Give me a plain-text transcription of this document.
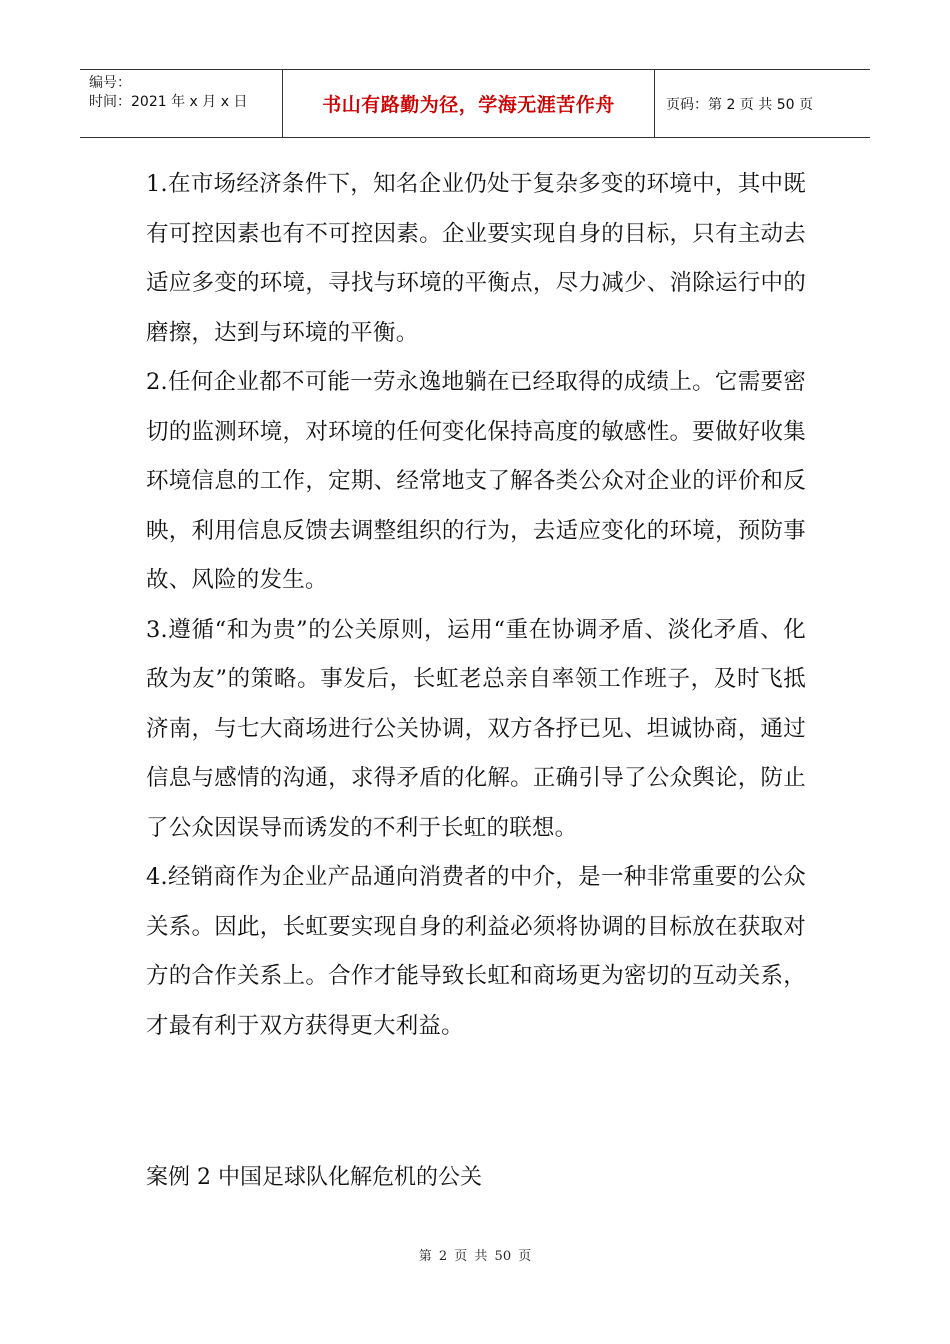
编号：
时间：2021 年 x 月 x 日	书山有路勤为径，学海无涯苦作舟	页码：第 2 页 共 50 页

1.在市场经济条件下，知名企业仍处于复杂多变的环境中，其中既有可控因素也有不可控因素。企业要实现自身的目标，只有主动去适应多变的环境，寻找与环境的平衡点，尽力减少、消除运行中的磨擦，达到与环境的平衡。

2.任何企业都不可能一劳永逸地躺在已经取得的成绩上。它需要密切的监测环境，对环境的任何变化保持高度的敏感性。要做好收集环境信息的工作，定期、经常地支了解各类公众对企业的评价和反映，利用信息反馈去调整组织的行为，去适应变化的环境，预防事故、风险的发生。

3.遵循“和为贵”的公关原则，运用“重在协调矛盾、淡化矛盾、化敌为友”的策略。事发后，长虹老总亲自率领工作班子，及时飞抵济南，与七大商场进行公关协调，双方各抒已见、坦诚协商，通过信息与感情的沟通，求得矛盾的化解。正确引导了公众舆论，防止了公众因误导而诱发的不利于长虹的联想。

4.经销商作为企业产品通向消费者的中介，是一种非常重要的公众关系。因此，长虹要实现自身的利益必须将协调的目标放在获取对方的合作关系上。合作才能导致长虹和商场更为密切的互动关系，才最有利于双方获得更大利益。

案例 2 中国足球队化解危机的公关

第 2 页 共 50 页
